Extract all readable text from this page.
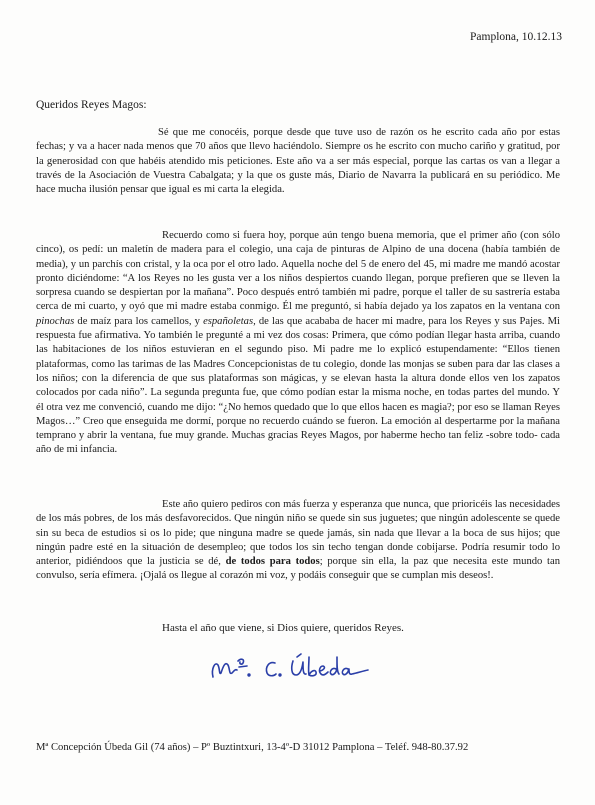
Pamplona, 10.12.13
Queridos Reyes Magos:

Sé que me conocéis, porque desde que tuve uso de razón os he escrito cada año por estas fechas; y va a hacer nada menos que 70 años que llevo haciéndolo. Siempre os he escrito con mucho cariño y gratitud, por la generosidad con que habéis atendido mis peticiones. Este año va a ser más especial, porque las cartas os van a llegar a través de la Asociación de Vuestra Cabalgata; y la que os guste más, Diario de Navarra la publicará en su periódico. Me hace mucha ilusión pensar que igual es mi carta la elegida.

Recuerdo como si fuera hoy, porque aún tengo buena memoria, que el primer año (con sólo cinco), os pedí: un maletín de madera para el colegio, una caja de pinturas de Alpino de una docena (había también de media), y un parchís con cristal, y la oca por el otro lado. Aquella noche del 5 de enero del 45, mi madre me mandó acostar pronto diciéndome: “A los Reyes no les gusta ver a los niños despiertos cuando llegan, porque prefieren que se lleven la sorpresa cuando se despiertan por la mañana”. Poco después entró también mi padre, porque el taller de su sastrería estaba cerca de mi cuarto, y oyó que mi madre estaba conmigo. Él me preguntó, si había dejado ya los zapatos en la ventana con pinochas de maíz para los camellos, y españoletas, de las que acababa de hacer mi madre, para los Reyes y sus Pajes. Mi respuesta fue afirmativa. Yo también le pregunté a mi vez dos cosas: Primera, que cómo podían llegar hasta arriba, cuando las habitaciones de los niños estuvieran en el segundo piso. Mi padre me lo explicó estupendamente: “Ellos tienen plataformas, como las tarimas de las Madres Concepcionistas de tu colegio, donde las monjas se suben para dar las clases a los niños; con la diferencia de que sus plataformas son mágicas, y se elevan hasta la altura donde ellos ven los zapatos colocados por cada niño”. La segunda pregunta fue, que cómo podían estar la misma noche, en todas partes del mundo. Y él otra vez me convenció, cuando me dijo: “¿No hemos quedado que lo que ellos hacen es magia?; por eso se llaman Reyes Magos…” Creo que enseguida me dormí, porque no recuerdo cuándo se fueron. La emoción al despertarme por la mañana temprano y abrir la ventana, fue muy grande. Muchas gracias Reyes Magos, por haberme hecho tan feliz -sobre todo- cada año de mi infancia.

Este año quiero pediros con más fuerza y esperanza que nunca, que prioricéis las necesidades de los más pobres, de los más desfavorecidos. Que ningún niño se quede sin sus juguetes; que ningún adolescente se quede sin su beca de estudios si os lo pide; que ninguna madre se quede jamás, sin nada que llevar a la boca de sus hijos; que ningún padre esté en la situación de desempleo; que todos los sin techo tengan donde cobijarse. Podría resumir todo lo anterior, pidiéndoos que la justicia se dé, de todos para todos; porque sin ella, la paz que necesita este mundo tan convulso, sería efímera. ¡Ojalá os llegue al corazón mi voz, y podáis conseguir que se cumplan mis deseos!.

Hasta el año que viene, si Dios quiere, queridos Reyes.
Mª Concepción Úbeda Gil (74 años) – Pº Buztintxuri, 13-4º-D 31012 Pamplona – Teléf. 948-80.37.92
